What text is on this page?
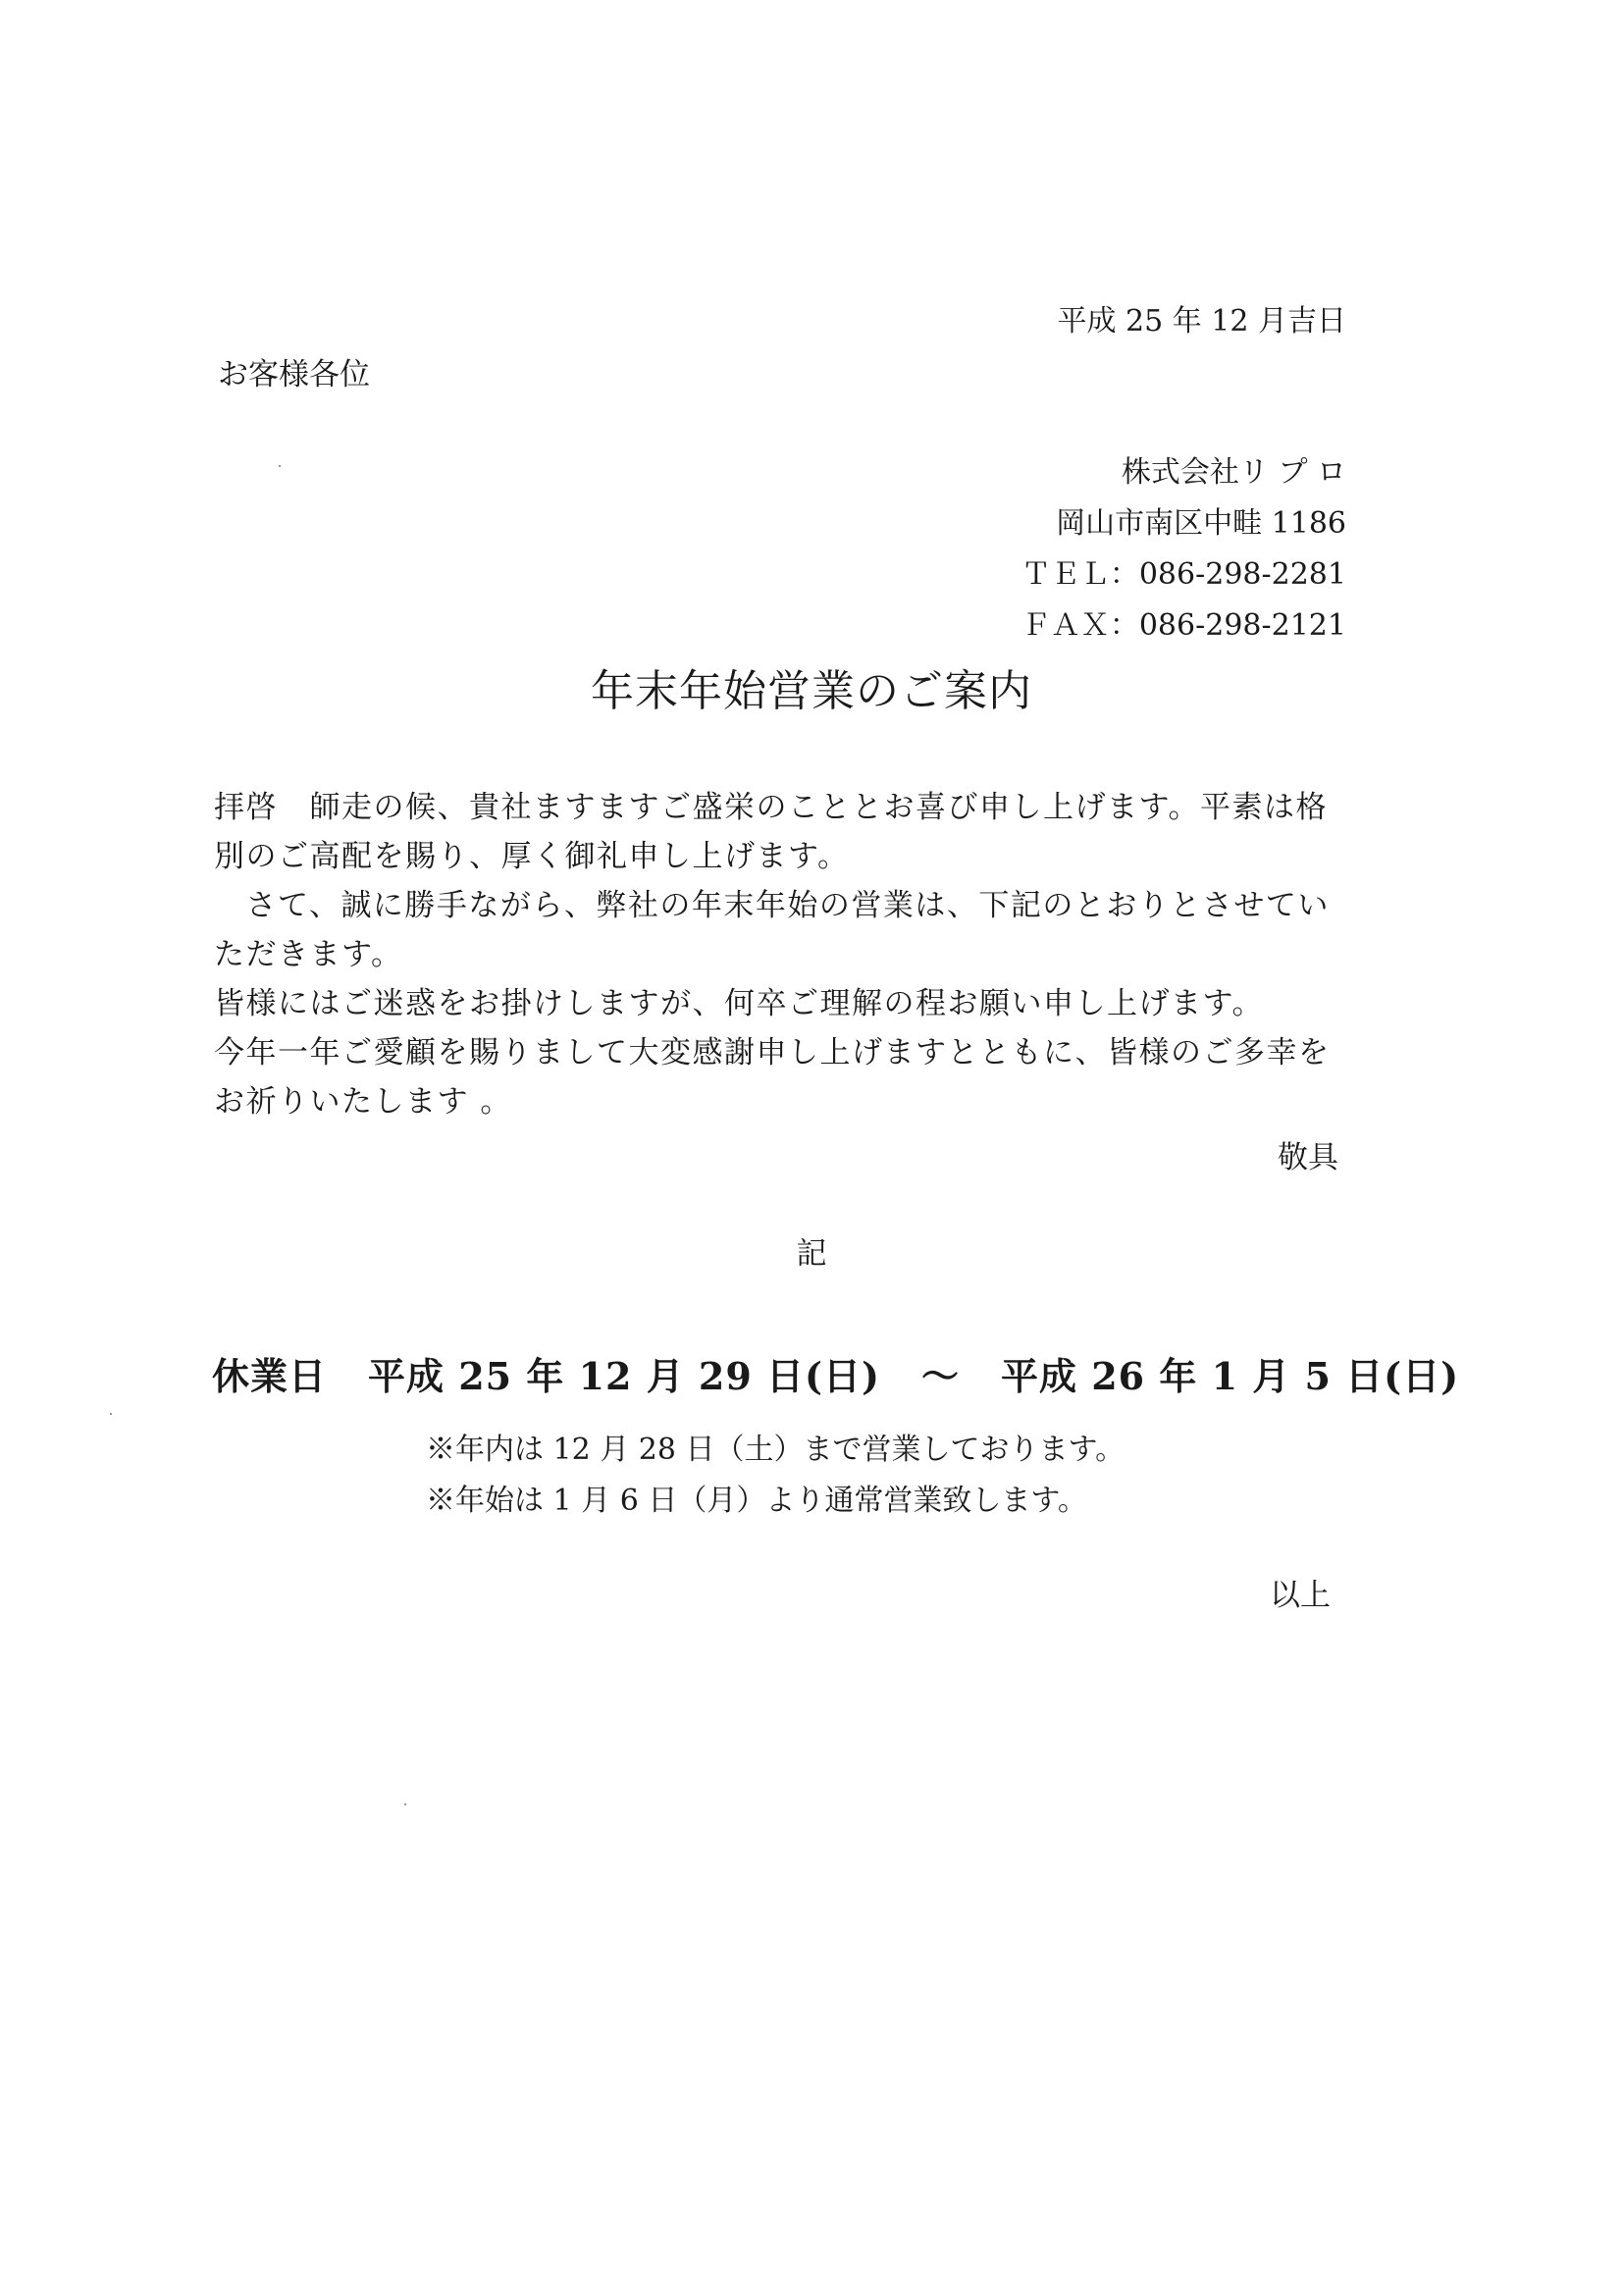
平成 25 年 12 月吉日
お客様各位
株式会社リ プ ロ
岡山市南区中畦 1186
ＴＥＬ：086-298-2281
ＦＡＸ：086-298-2121
年末年始営業のご案内

拝啓　師走の候、貴社ますますご盛栄のこととお喜び申し上げます。平素は格別のご高配を賜り、厚く御礼申し上げます。

　さて、誠に勝手ながら、弊社の年末年始の営業は、下記のとおりとさせていただきます。

皆様にはご迷惑をお掛けしますが、何卒ご理解の程お願い申し上げます。

今年一年ご愛顧を賜りまして大変感謝申し上げますとともに、皆様のご多幸をお祈りいたします 。

敬具
記
休業日 平成 25 年 12 月 29 日(日) ～ 平成 26 年 1 月 5 日(日)
※年内は 12 月 28 日（土）まで営業しております。
※年始は 1 月 6 日（月）より通常営業致します。
以上
